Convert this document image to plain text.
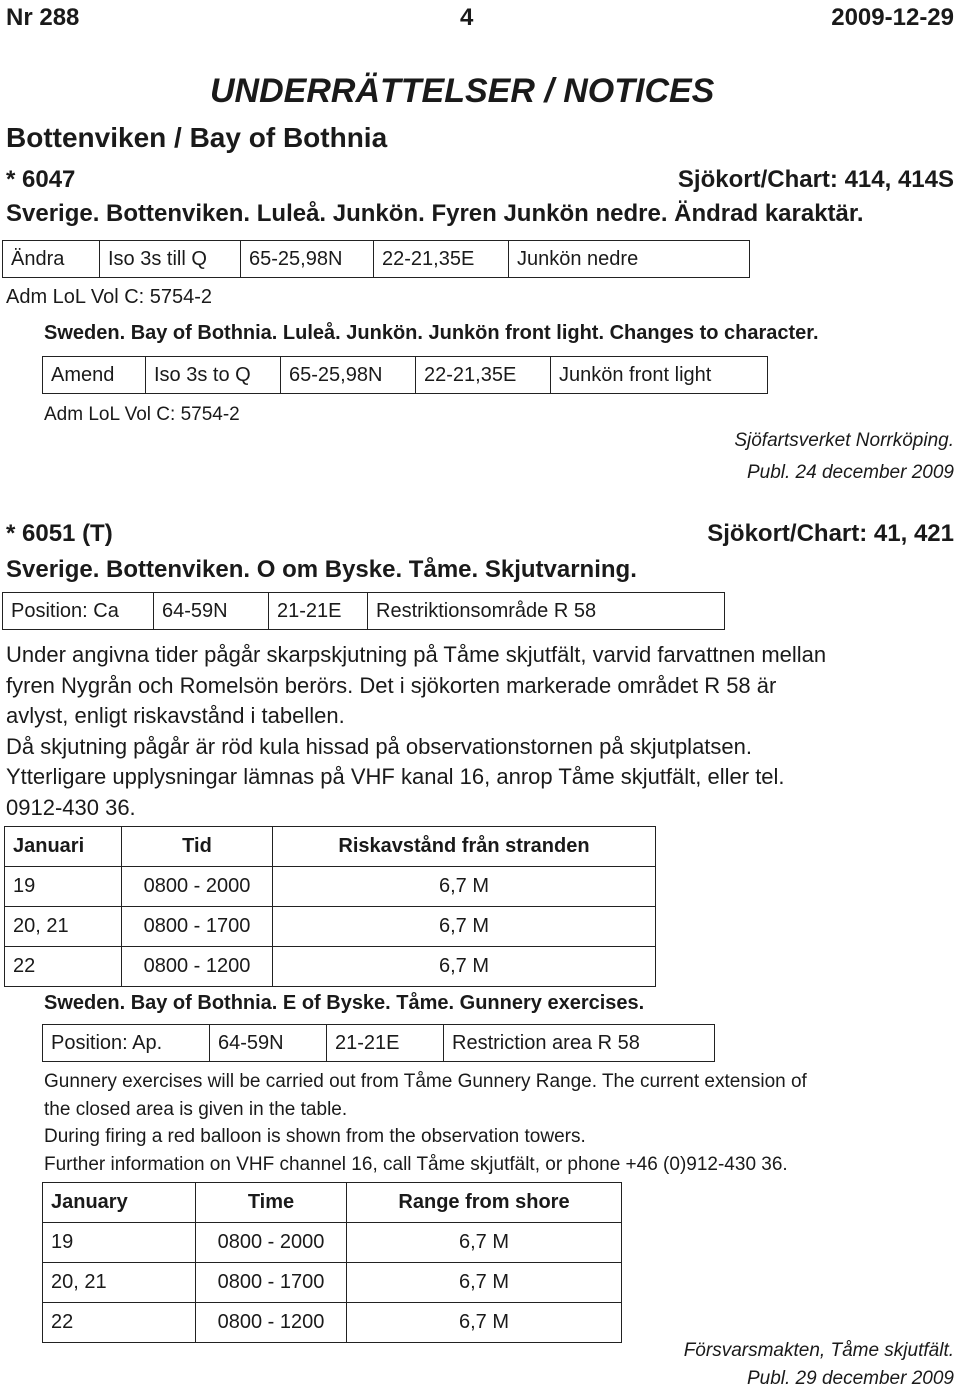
Nr 288	4	2009-12-29
UNDERRÄTTELSER / NOTICES
Bottenviken / Bay of Bothnia
* 6047	Sjökort/Chart: 414, 414S
Sverige. Bottenviken. Luleå. Junkön. Fyren Junkön nedre. Ändrad karaktär.
Ändra	Iso 3s till Q	65-25,98N	22-21,35E	Junkön nedre
Adm LoL Vol C: 5754-2
Sweden. Bay of Bothnia. Luleå. Junkön. Junkön front light. Changes to character.
Amend	Iso 3s to Q	65-25,98N	22-21,35E	Junkön front light
Adm LoL Vol C: 5754-2
Sjöfartsverket Norrköping.
Publ. 24 december 2009
* 6051 (T)	Sjökort/Chart: 41, 421
Sverige. Bottenviken. O om Byske. Tåme. Skjutvarning.
Position: Ca	64-59N	21-21E	Restriktionsområde R 58
Under angivna tider pågår skarpskjutning på Tåme skjutfält, varvid farvattnen mellan
fyren Nygrån och Romelsön berörs. Det i sjökorten markerade området R 58 är
avlyst, enligt riskavstånd i tabellen.
Då skjutning pågår är röd kula hissad på observationstornen på skjutplatsen.
Ytterligare upplysningar lämnas på VHF kanal 16, anrop Tåme skjutfält, eller tel.
0912-430 36.
Januari	Tid	Riskavstånd från stranden
19	0800 - 2000	6,7 M
20, 21	0800 - 1700	6,7 M
22	0800 - 1200	6,7 M
Sweden. Bay of Bothnia. E of Byske. Tåme. Gunnery exercises.
Position: Ap.	64-59N	21-21E	Restriction area R 58
Gunnery exercises will be carried out from Tåme Gunnery Range. The current extension of
the closed area is given in the table.
During firing a red balloon is shown from the observation towers.
Further information on VHF channel 16, call Tåme skjutfält, or phone +46 (0)912-430 36.
January	Time	Range from shore
19	0800 - 2000	6,7 M
20, 21	0800 - 1700	6,7 M
22	0800 - 1200	6,7 M
Försvarsmakten, Tåme skjutfält.
Publ. 29 december 2009
